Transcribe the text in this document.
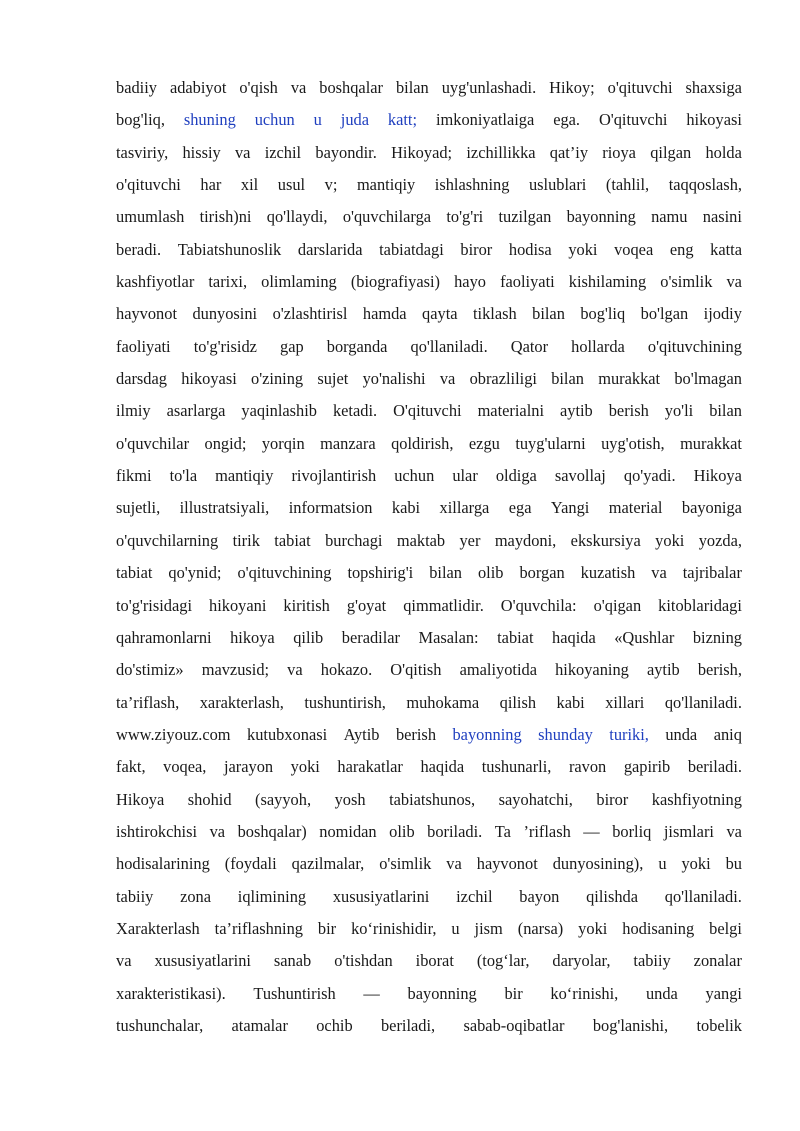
badiiy adabiyot o'qish va boshqalar bilan uyg'unlashadi. Hikoy; o'qituvchi shaxsiga
bog'liq, shuning uchun u juda katt; imkoniyatlaiga ega. O'qituvchi hikoyasi
tasviriy, hissiy va izchil bayondir. Hikoyad; izchillikka qat’iy rioya qilgan holda
o'qituvchi har xil usul v; mantiqiy ishlashning uslublari (tahlil, taqqoslash,
umumlash tirish)ni qo'llaydi, o'quvchilarga to'g'ri tuzilgan bayonning namu nasini
beradi. Tabiatshunoslik darslarida tabiatdagi biror hodisa yoki voqea eng katta
kashfiyotlar tarixi, olimlaming (biografiyasi) hayo faoliyati kishilaming o'simlik va
hayvonot dunyosini o'zlashtirisl hamda qayta tiklash bilan bog'liq bo'lgan ijodiy
faoliyati to'g'risidz gap borganda qo'llaniladi. Qator hollarda o'qituvchining
darsdag hikoyasi o'zining sujet yo'nalishi va obrazliligi bilan murakkat bo'lmagan
ilmiy asarlarga yaqinlashib ketadi. O'qituvchi materialni aytib berish yo'li bilan
o'quvchilar ongid; yorqin manzara qoldirish, ezgu tuyg'ularni uyg'otish, murakkat
fikmi to'la mantiqiy rivojlantirish uchun ular oldiga savollaj qo'yadi. Hikoya
sujetli, illustratsiyali, informatsion kabi xillarga ega Yangi material bayoniga
o'quvchilarning tirik tabiat burchagi maktab yer maydoni, ekskursiya yoki yozda,
tabiat qo'ynid; o'qituvchining topshirig'i bilan olib borgan kuzatish va tajribalar
to'g'risidagi hikoyani kiritish g'oyat qimmatlidir. O'quvchila: o'qigan kitoblaridagi
qahramonlarni hikoya qilib beradilar Masalan: tabiat haqida «Qushlar bizning
do'stimiz» mavzusid; va hokazo. O'qitish amaliyotida hikoyaning aytib berish,
ta’riflash, xarakterlash, tushuntirish, muhokama qilish kabi xillari qo'llaniladi.
www.ziyouz.com kutubxonasi Aytib berish bayonning shunday turiki, unda aniq
fakt, voqea, jarayon yoki harakatlar haqida tushunarli, ravon gapirib beriladi.
Hikoya shohid (sayyoh, yosh tabiatshunos, sayohatchi, biror kashfiyotning
ishtirokchisi va boshqalar) nomidan olib boriladi. Ta ’riflash — borliq jismlari va
hodisalarining (foydali qazilmalar, o'simlik va hayvonot dunyosining), u yoki bu
tabiiy zona iqlimining xususiyatlarini izchil bayon qilishda qo'llaniladi.
Xarakterlash ta’riflashning bir ko‘rinishidir, u jism (narsa) yoki hodisaning belgi
va xususiyatlarini sanab o'tishdan iborat (tog‘lar, daryolar, tabiiy zonalar
xarakteristikasi). Tushuntirish — bayonning bir ko‘rinishi, unda yangi
tushunchalar, atamalar ochib beriladi, sabab-oqibatlar bog'lanishi, tobelik
